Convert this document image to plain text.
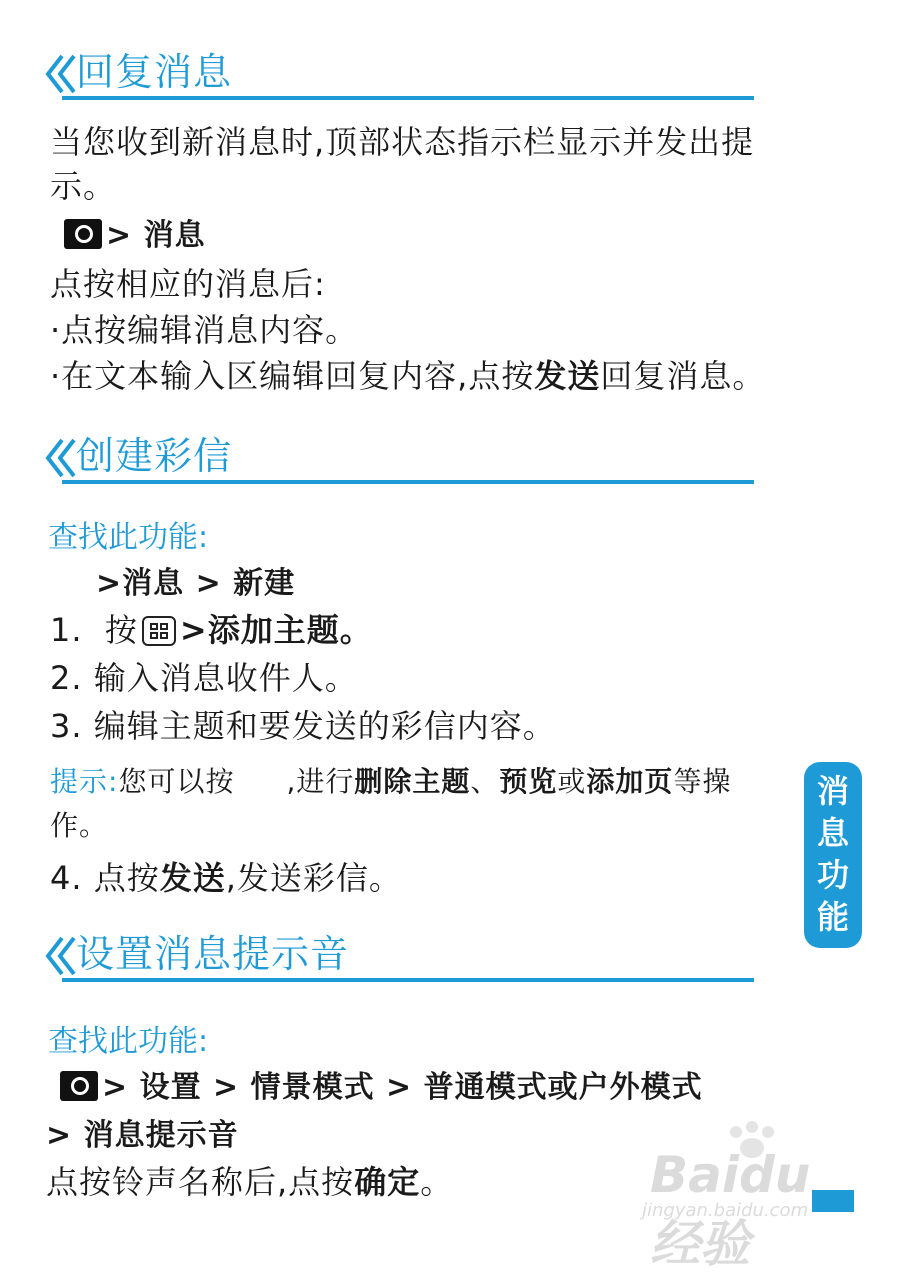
回复消息
当您收到新消息时,顶部状态指示栏显示并发出提
示。
> 消息
点按相应的消息后:
·点按编辑消息内容。
·在文本输入区编辑回复内容,点按发送回复消息。
创建彩信
查找此功能:
>消息 > 新建
1. 按 >添加主题。
2. 输入消息收件人。
3. 编辑主题和要发送的彩信内容。
提示:您可以按 ,进行删除主题、预览或添加页等操
作。
4. 点按发送,发送彩信。
消
息
功
能
设置消息提示音
查找此功能:
> 设置 > 情景模式 > 普通模式或户外模式
> 消息提示音
点按铃声名称后,点按确定。	Baidu经验
jingyan.baidu.com
